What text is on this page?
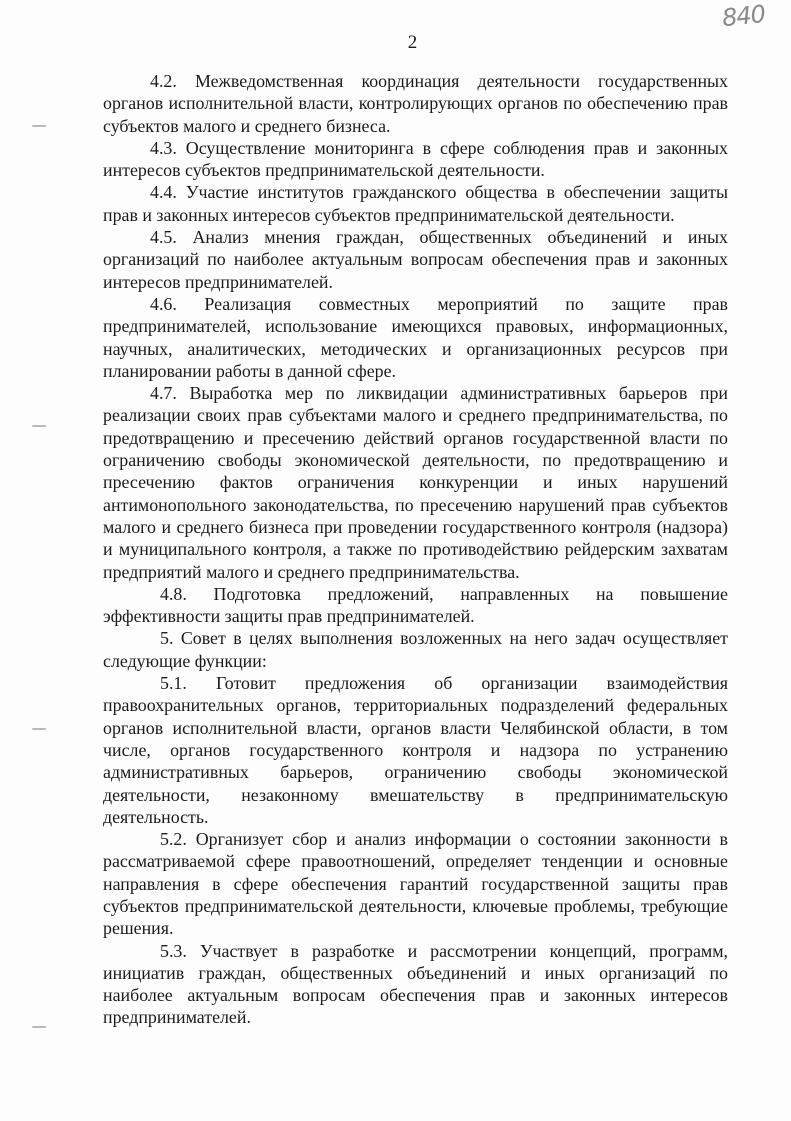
840
2

4.2. Межведомственная координация деятельности государственных органов исполнительной власти, контролирующих органов по обеспечению прав субъектов малого и среднего бизнеса.

4.3. Осуществление мониторинга в сфере соблюдения прав и законных интересов субъектов предпринимательской деятельности.

4.4. Участие институтов гражданского общества в обеспечении защиты прав и законных интересов субъектов предпринимательской деятельности.

4.5. Анализ мнения граждан, общественных объединений и иных организаций по наиболее актуальным вопросам обеспечения прав и законных интересов предпринимателей.

4.6. Реализация совместных мероприятий по защите прав предпринимателей, использование имеющихся правовых, информационных, научных, аналитических, методических и организационных ресурсов при планировании работы в данной сфере.

4.7. Выработка мер по ликвидации административных барьеров при реализации своих прав субъектами малого и среднего предпринимательства, по предотвращению и пресечению действий органов государственной власти по ограничению свободы экономической деятельности, по предотвращению и пресечению фактов ограничения конкуренции и иных нарушений антимонопольного законодательства, по пресечению нарушений прав субъектов малого и среднего бизнеса при проведении государственного контроля (надзора) и муниципального контроля, а также по противодействию рейдерским захватам предприятий малого и среднего предпринимательства.

4.8. Подготовка предложений, направленных на повышение эффективности защиты прав предпринимателей.

5. Совет в целях выполнения возложенных на него задач осуществляет следующие функции:

5.1. Готовит предложения об организации взаимодействия правоохранительных органов, территориальных подразделений федеральных органов исполнительной власти, органов власти Челябинской области, в том числе, органов государственного контроля и надзора по устранению административных барьеров, ограничению свободы экономической деятельности, незаконному вмешательству в предпринимательскую деятельность.

5.2. Организует сбор и анализ информации о состоянии законности в рассматриваемой сфере правоотношений, определяет тенденции и основные направления в сфере обеспечения гарантий государственной защиты прав субъектов предпринимательской деятельности, ключевые проблемы, требующие решения.

5.3. Участвует в разработке и рассмотрении концепций, программ, инициатив граждан, общественных объединений и иных организаций по наиболее актуальным вопросам обеспечения прав и законных интересов предпринимателей.
